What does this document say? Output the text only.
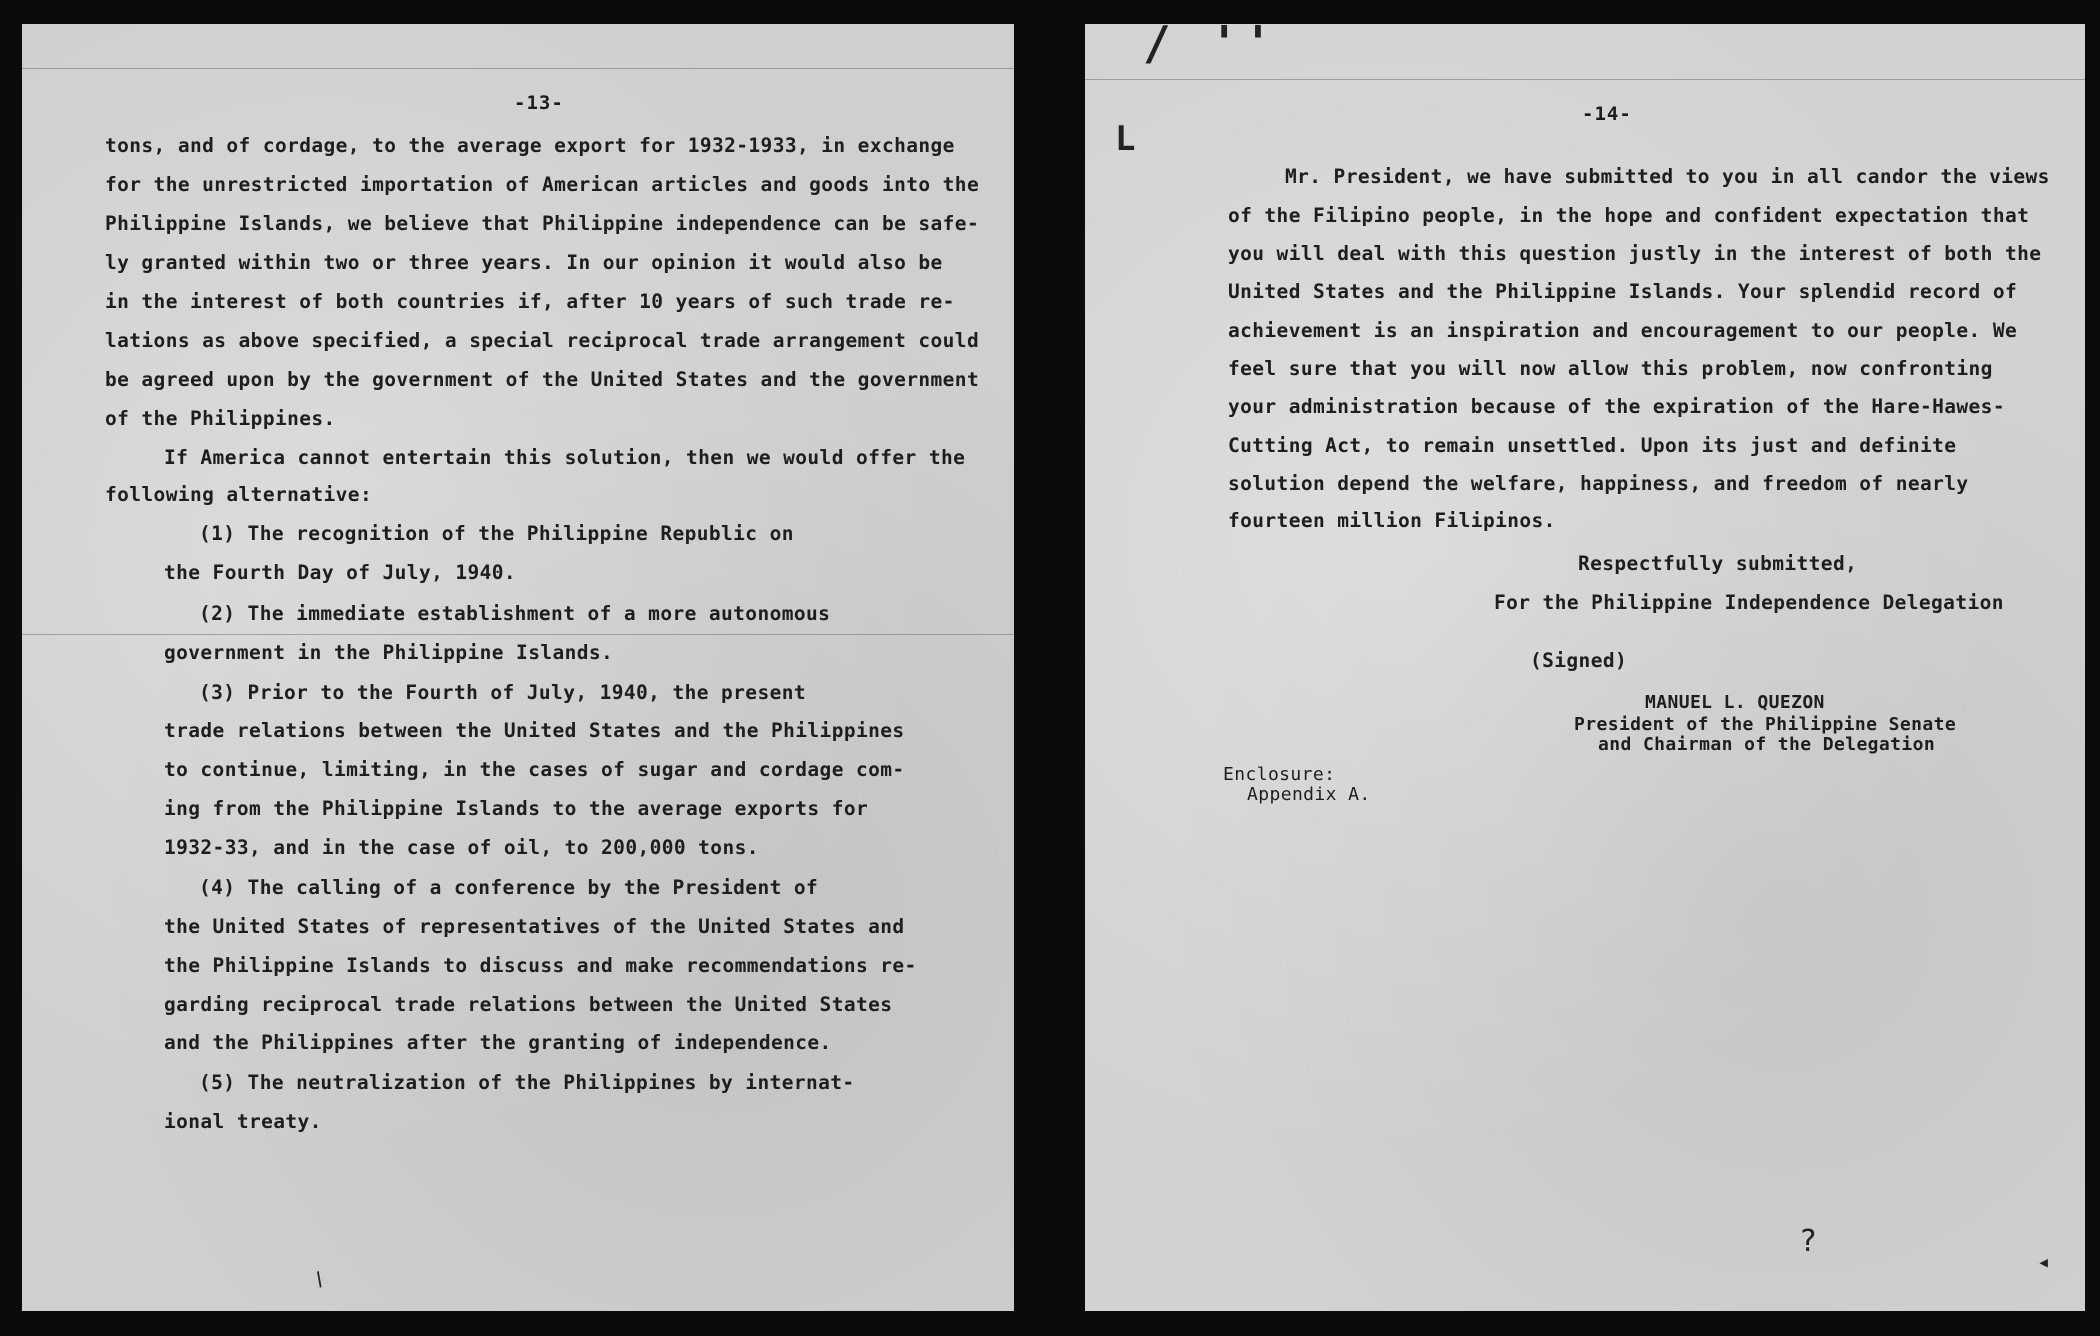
-13-
tons, and of cordage, to the average export for 1932-1933, in exchange
for the unrestricted importation of American articles and goods into the
Philippine Islands, we believe that Philippine independence can be safe-
ly granted within two or three years. In our opinion it would also be
in the interest of both countries if, after 10 years of such trade re-
lations as above specified, a special reciprocal trade arrangement could
be agreed upon by the government of the United States and the government
of the Philippines.
If America cannot entertain this solution, then we would offer the
following alternative:
(1) The recognition of the Philippine Republic on
the Fourth Day of July, 1940.
(2) The immediate establishment of a more autonomous
government in the Philippine Islands.
(3) Prior to the Fourth of July, 1940, the present
trade relations between the United States and the Philippines
to continue, limiting, in the cases of sugar and cordage com-
ing from the Philippine Islands to the average exports for
1932-33, and in the case of oil, to 200,000 tons.
(4) The calling of a conference by the President of
the United States of representatives of the United States and
the Philippine Islands to discuss and make recommendations re-
garding reciprocal trade relations between the United States
and the Philippines after the granting of independence.
(5) The neutralization of the Philippines by internat-
ional treaty.
/
/ ''
L
-14-
Mr. President, we have submitted to you in all candor the views
of the Filipino people, in the hope and confident expectation that
you will deal with this question justly in the interest of both the
United States and the Philippine Islands. Your splendid record of
achievement is an inspiration and encouragement to our people. We
feel sure that you will now allow this problem, now confronting
your administration because of the expiration of the Hare-Hawes-
Cutting Act, to remain unsettled. Upon its just and definite
solution depend the welfare, happiness, and freedom of nearly
fourteen million Filipinos.
Respectfully submitted,
For the Philippine Independence Delegation
(Signed)
MANUEL L. QUEZON
President of the Philippine Senate
and Chairman of the Delegation
Enclosure:
Appendix A.
?
◂
